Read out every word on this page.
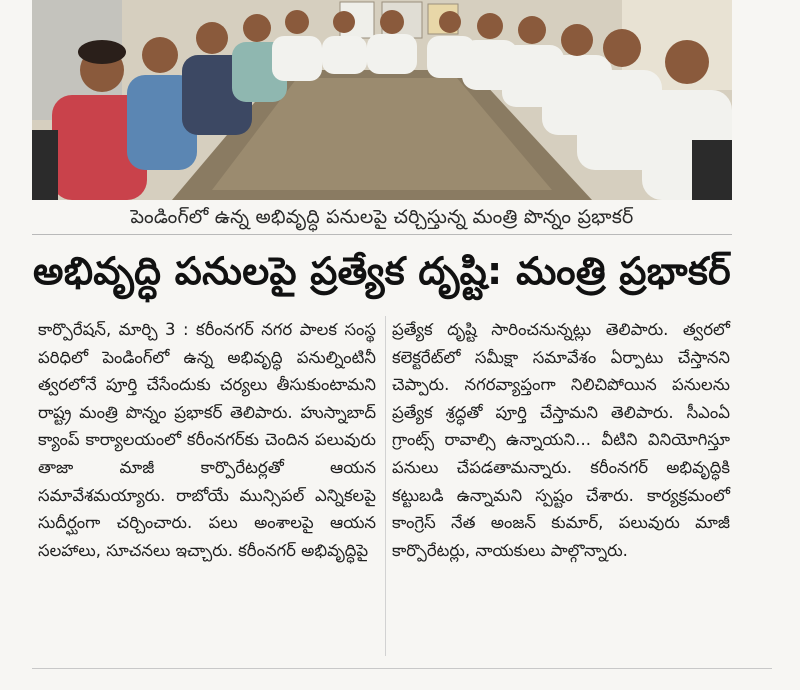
పెండింగ్‌లో ఉన్న అభివృద్ధి పనులపై చర్చిస్తున్న మంత్రి పొన్నం ప్రభాకర్
అభివృద్ధి పనులపై ప్రత్యేక దృష్టి: మంత్రి ప్రభాకర్

కార్పొరేషన్, మార్చి 3 : కరీంనగర్ నగర పాలక సంస్థ పరిధిలో పెండింగ్‌లో ఉన్న అభివృద్ధి పనుల్నింటినీ త్వరలోనే పూర్తి చేసేందుకు చర్యలు తీసుకుంటామని రాష్ట్ర మంత్రి పొన్నం ప్రభాకర్ తెలిపారు. హుస్నాబాద్ క్యాంప్ కార్యాలయంలో కరీంనగర్‌కు చెందిన పలువురు తాజా మాజీ కార్పొరేటర్లతో ఆయన సమావేశమయ్యారు. రాబోయే మున్సిపల్ ఎన్నికలపై సుదీర్ఘంగా చర్చించారు. పలు అంశాలపై ఆయన సలహాలు, సూచనలు ఇచ్చారు. కరీంనగర్ అభివృద్ధిపై

ప్రత్యేక దృష్టి సారించనున్నట్లు తెలిపారు. త్వరలో కలెక్టరేట్‌లో సమీక్షా సమావేశం ఏర్పాటు చేస్తానని చెప్పారు. నగరవ్యాప్తంగా నిలిచిపోయిన పనులను ప్రత్యేక శ్రద్ధతో పూర్తి చేస్తామని తెలిపారు. సీఎంఏ గ్రాంట్స్ రావాల్సి ఉన్నాయని... వీటిని వినియోగిస్తూ పనులు చేపడతామన్నారు. కరీంనగర్ అభివృద్ధికి కట్టుబడి ఉన్నామని స్పష్టం చేశారు. కార్యక్రమంలో కాంగ్రెస్ నేత అంజన్ కుమార్, పలువురు మాజీ కార్పొరేటర్లు, నాయకులు పాల్గొన్నారు.
